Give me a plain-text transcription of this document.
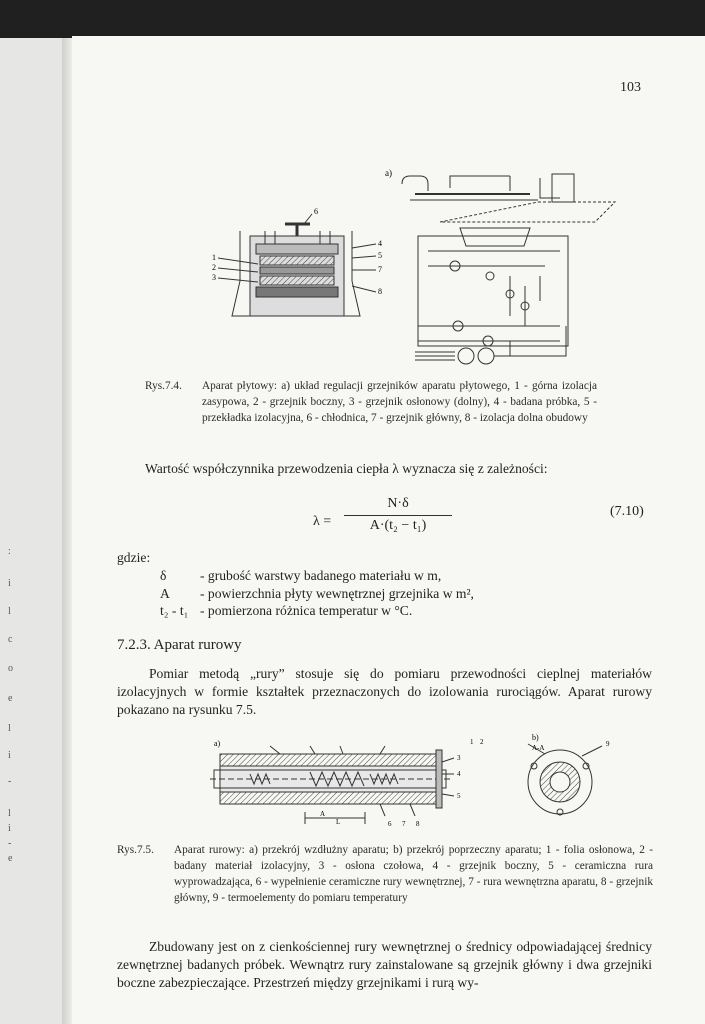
:
i
l
c
o
e
l
i
-
l
i
-
e
103
a)
1
2
3
4
5
6
7
8
Rys.7.4. Aparat płytowy: a) układ regulacji grzejników aparatu płytowego, 1 - górna izolacja zasypowa, 2 - grzejnik boczny, 3 - grzejnik osłonowy (dolny), 4 - badana próbka, 5 - przekładka izolacyjna, 6 - chłodnica, 7 - grzejnik główny, 8 - izolacja dolna obudowy
Wartość współczynnika przewodzenia ciepła λ wyznacza się z zależności:
λ =
N·δ
A·(t₂ − t₁)
(7.10)
gdzie:
δ - grubość warstwy badanego materiału w m,
A - powierzchnia płyty wewnętrznej grzejnika w m²,
t₂ - t₁ - pomierzona różnica temperatur w °C.
7.2.3. Aparat rurowy
Pomiar metodą „rury” stosuje się do pomiaru przewodności cieplnej materiałów izolacyjnych w formie kształtek przeznaczonych do izolowania rurociągów. Aparat rurowy pokazano na rysunku 7.5.
a)
b)
A-A
1 2
3
4
5
6 7 8
9
A
L
Rys.7.5. Aparat rurowy: a) przekrój wzdłużny aparatu; b) przekrój poprzeczny aparatu; 1 - folia osłonowa, 2 - badany materiał izolacyjny, 3 - osłona czołowa, 4 - grzejnik boczny, 5 - ceramiczna rura wyprowadzająca, 6 - wypełnienie ceramiczne rury wewnętrznej, 7 - rura wewnętrzna aparatu, 8 - grzejnik główny, 9 - termoelementy do pomiaru temperatury
Zbudowany jest on z cienkościennej rury wewnętrznej o średnicy odpowiadającej średnicy zewnętrznej badanych próbek. Wewnątrz rury zainstalowane są grzejnik główny i dwa grzejniki boczne zabezpieczające. Przestrzeń między grzejnikami i rurą wy-
